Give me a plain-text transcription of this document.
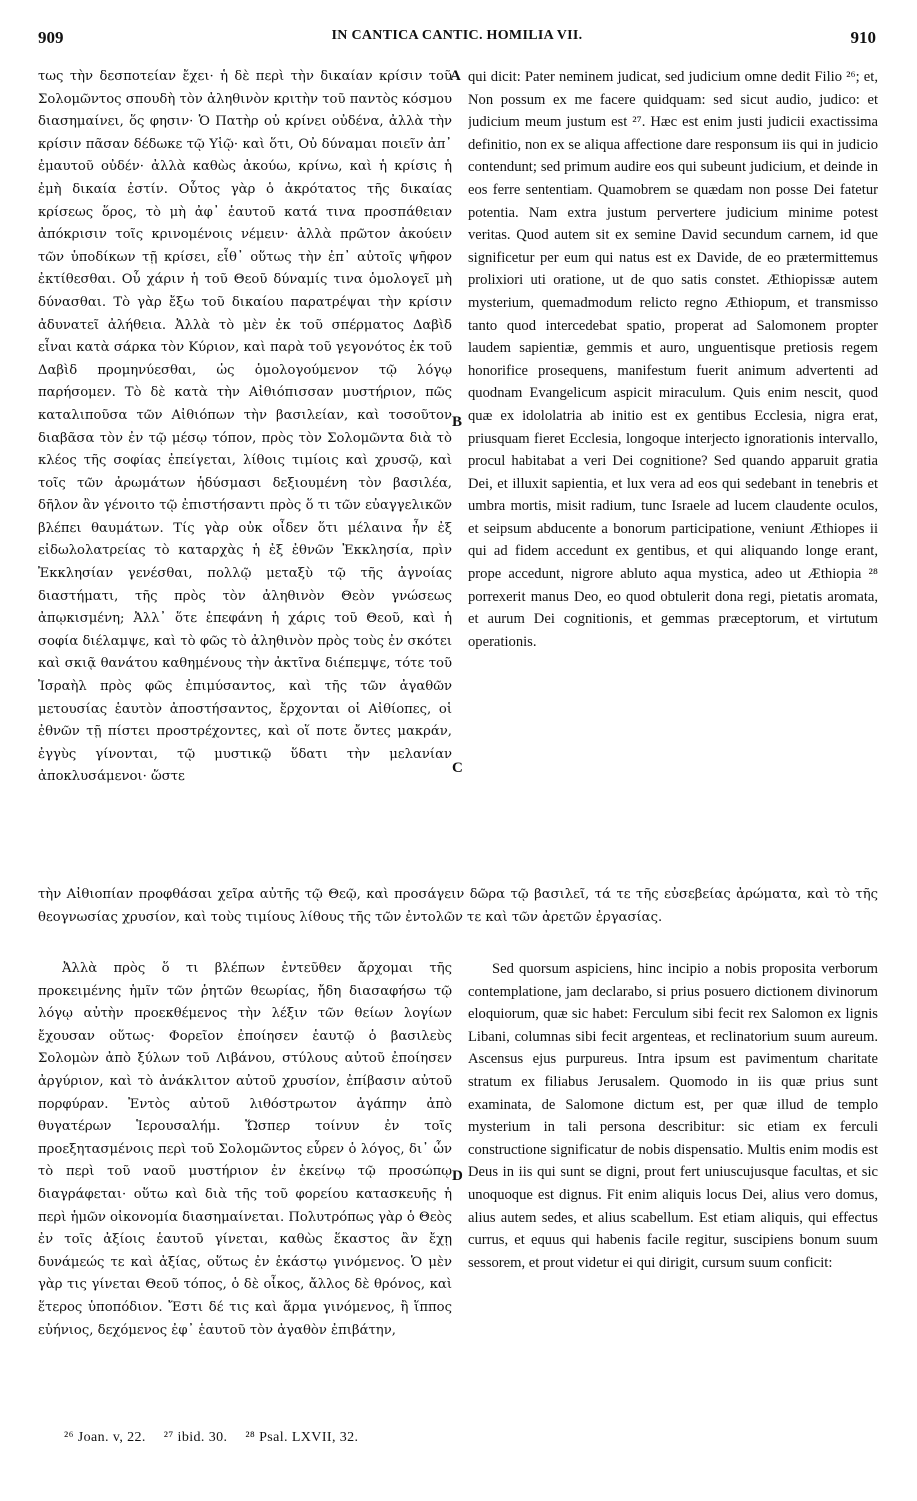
909	IN CANTICA CANTIC. HOMILIA VII.	910

τως τὴν δεσποτείαν ἔχει· ἡ δὲ περὶ τὴν δικαίαν κρίσιν τοῦ Σολομῶντος σπουδὴ τὸν ἀληθινὸν κριτὴν τοῦ παντὸς κόσμου διασημαίνει, ὅς φησιν· Ὁ Πατὴρ οὐ κρίνει οὐδένα, ἀλλὰ τὴν κρίσιν πᾶσαν δέδωκε τῷ Υἱῷ· καὶ ὅτι, Οὐ δύναμαι ποιεῖν ἀπ᾿ ἐμαυτοῦ οὐδέν· ἀλλὰ καθὼς ἀκούω, κρίνω, καὶ ἡ κρίσις ἡ ἐμὴ δικαία ἐστίν. Οὗτος γὰρ ὁ ἀκρότατος τῆς δικαίας κρίσεως ὅρος, τὸ μὴ ἀφ᾿ ἑαυτοῦ κατά τινα προσπάθειαν ἀπόκρισιν τοῖς κρινομένοις νέμειν· ἀλλὰ πρῶτον ἀκούειν τῶν ὑποδίκων τῇ κρίσει, εἶθ᾿ οὕτως τὴν ἐπ᾿ αὐτοῖς ψῆφον ἐκτίθεσθαι. Οὗ χάριν ἡ τοῦ Θεοῦ δύναμίς τινα ὁμολογεῖ μὴ δύνασθαι. Τὸ γὰρ ἔξω τοῦ δικαίου παρατρέψαι τὴν κρίσιν ἀδυνατεῖ ἀλήθεια. Ἀλλὰ τὸ μὲν ἐκ τοῦ σπέρματος Δαβὶδ εἶναι κατὰ σάρκα τὸν Κύριον, καὶ παρὰ τοῦ γεγονότος ἐκ τοῦ Δαβὶδ προμηνύεσθαι, ὡς ὁμολογούμενον τῷ λόγῳ παρήσομεν. Τὸ δὲ κατὰ τὴν Αἰθιόπισσαν μυστήριον, πῶς καταλιποῦσα τῶν Αἰθιόπων τὴν βασιλείαν, καὶ τοσοῦτον διαβᾶσα τὸν ἐν τῷ μέσῳ τόπον, πρὸς τὸν Σολομῶντα διὰ τὸ κλέος τῆς σοφίας ἐπείγεται, λίθοις τιμίοις καὶ χρυσῷ, καὶ τοῖς τῶν ἀρωμάτων ἡδύσμασι δεξιουμένη τὸν βασιλέα, δῆλον ἂν γένοιτο τῷ ἐπιστήσαντι πρὸς ὅ τι τῶν εὐαγγελικῶν βλέπει θαυμάτων. Τίς γὰρ οὐκ οἶδεν ὅτι μέλαινα ἦν ἐξ εἰδωλολατρείας τὸ καταρχὰς ἡ ἐξ ἐθνῶν Ἐκκλησία, πρὶν Ἐκκλησίαν γενέσθαι, πολλῷ μεταξὺ τῷ τῆς ἀγνοίας διαστήματι, τῆς πρὸς τὸν ἀληθινὸν Θεὸν γνώσεως ἀπῳκισμένη; Ἀλλ᾿ ὅτε ἐπεφάνη ἡ χάρις τοῦ Θεοῦ, καὶ ἡ σοφία διέλαμψε, καὶ τὸ φῶς τὸ ἀληθινὸν πρὸς τοὺς ἐν σκότει καὶ σκιᾷ θανάτου καθημένους τὴν ἀκτῖνα διέπεμψε, τότε τοῦ Ἰσραὴλ πρὸς φῶς ἐπιμύσαντος, καὶ τῆς τῶν ἀγαθῶν μετουσίας ἑαυτὸν ἀποστήσαντος, ἔρχονται οἱ Αἰθίοπες, οἱ ἐθνῶν τῇ πίστει προστρέχοντες, καὶ οἵ ποτε ὄντες μακράν, ἐγγὺς γίνονται, τῷ μυστικῷ ὕδατι τὴν μελανίαν ἀποκλυσάμενοι· ὥστε

A
B
C
D

qui dicit: Pater neminem judicat, sed judicium omne dedit Filio ²⁶; et, Non possum ex me facere quidquam: sed sicut audio, judico: et judicium meum justum est ²⁷. Hæc est enim justi judicii exactissima definitio, non ex se aliqua affectione dare responsum iis qui in judicio contendunt; sed primum audire eos qui subeunt judicium, et deinde in eos ferre sententiam. Quamobrem se quædam non posse Dei fatetur potentia. Nam extra justum pervertere judicium minime potest veritas. Quod autem sit ex semine David secundum carnem, id que significetur per eum qui natus est ex Davide, de eo prætermittemus prolixiori uti oratione, ut de quo satis constet. Æthiopissæ autem mysterium, quemadmodum relicto regno Æthiopum, et transmisso tanto quod intercedebat spatio, properat ad Salomonem propter laudem sapientiæ, gemmis et auro, unguentisque pretiosis regem honorifice prosequens, manifestum fuerit animum advertenti ad quodnam Evangelicum aspicit miraculum. Quis enim nescit, quod quæ ex idololatria ab initio est ex gentibus Ecclesia, nigra erat, priusquam fieret Ecclesia, longoque interjecto ignorationis intervallo, procul habitabat a veri Dei cognitione? Sed quando apparuit gratia Dei, et illuxit sapientia, et lux vera ad eos qui sedebant in tenebris et umbra mortis, misit radium, tunc Israele ad lucem claudente oculos, et seipsum abducente a bonorum participatione, veniunt Æthiopes ii qui ad fidem accedunt ex gentibus, et qui aliquando longe erant, prope accedunt, nigrore abluto aqua mystica, adeo ut Æthiopia ²⁸ porrexerit manus Deo, eo quod obtulerit dona regi, pietatis aromata, et aurum Dei cognitionis, et gemmas præceptorum, et virtutum operationis.

τὴν Αἰθιοπίαν προφθάσαι χεῖρα αὐτῆς τῷ Θεῷ, καὶ προσάγειν δῶρα τῷ βασιλεῖ, τά τε τῆς εὐσεβείας ἀρώματα, καὶ τὸ τῆς θεογνωσίας χρυσίον, καὶ τοὺς τιμίους λίθους τῆς τῶν ἐντολῶν τε καὶ τῶν ἀρετῶν ἐργασίας.

Ἀλλὰ πρὸς ὅ τι βλέπων ἐντεῦθεν ἄρχομαι τῆς προκειμένης ἡμῖν τῶν ῥητῶν θεωρίας, ἤδη διασαφήσω τῷ λόγῳ αὐτὴν προεκθέμενος τὴν λέξιν τῶν θείων λογίων ἔχουσαν οὕτως· Φορεῖον ἐποίησεν ἑαυτῷ ὁ βασιλεὺς Σολομὼν ἀπὸ ξύλων τοῦ Λιβάνου, στύλους αὐτοῦ ἐποίησεν ἀργύριον, καὶ τὸ ἀνάκλιτον αὐτοῦ χρυσίον, ἐπίβασιν αὐτοῦ πορφύραν. Ἐντὸς αὐτοῦ λιθόστρωτον ἀγάπην ἀπὸ θυγατέρων Ἱερουσαλήμ. Ὥσπερ τοίνυν ἐν τοῖς προεξητασμένοις περὶ τοῦ Σολομῶντος εὗρεν ὁ λόγος, δι᾿ ὧν τὸ περὶ τοῦ ναοῦ μυστήριον ἐν ἐκείνῳ τῷ προσώπῳ διαγράφεται· οὕτω καὶ διὰ τῆς τοῦ φορείου κατασκευῆς ἡ περὶ ἡμῶν οἰκονομία διασημαίνεται. Πολυτρόπως γὰρ ὁ Θεὸς ἐν τοῖς ἀξίοις ἑαυτοῦ γίνεται, καθὼς ἕκαστος ἂν ἔχῃ δυνάμεώς τε καὶ ἀξίας, οὕτως ἐν ἑκάστῳ γινόμενος. Ὁ μὲν γὰρ τις γίνεται Θεοῦ τόπος, ὁ δὲ οἶκος, ἄλλος δὲ θρόνος, καὶ ἕτερος ὑποπόδιον. Ἔστι δέ τις καὶ ἅρμα γινόμενος, ἢ ἵππος εὐήνιος, δεχόμενος ἐφ᾿ ἑαυτοῦ τὸν ἀγαθὸν ἐπιβάτην,

Sed quorsum aspiciens, hinc incipio a nobis proposita verborum contemplatione, jam declarabo, si prius posuero dictionem divinorum eloquiorum, quæ sic habet: Ferculum sibi fecit rex Salomon ex lignis Libani, columnas sibi fecit argenteas, et reclinatorium suum aureum. Ascensus ejus purpureus. Intra ipsum est pavimentum charitate stratum ex filiabus Jerusalem. Quomodo in iis quæ prius sunt examinata, de Salomone dictum est, per quæ illud de templo mysterium in tali persona describitur: sic etiam ex ferculi constructione significatur de nobis dispensatio. Multis enim modis est Deus in iis qui sunt se digni, prout fert uniuscujusque facultas, et sic unoquoque est dignus. Fit enim aliquis locus Dei, alius vero domus, alius autem sedes, et alius scabellum. Est etiam aliquis, qui effectus currus, et equus qui habenis facile regitur, suscipiens bonum suum sessorem, et prout videtur ei qui dirigit, cursum suum conficit:

²⁶ Joan. v, 22. ²⁷ ibid. 30. ²⁸ Psal. LXVII, 32.
